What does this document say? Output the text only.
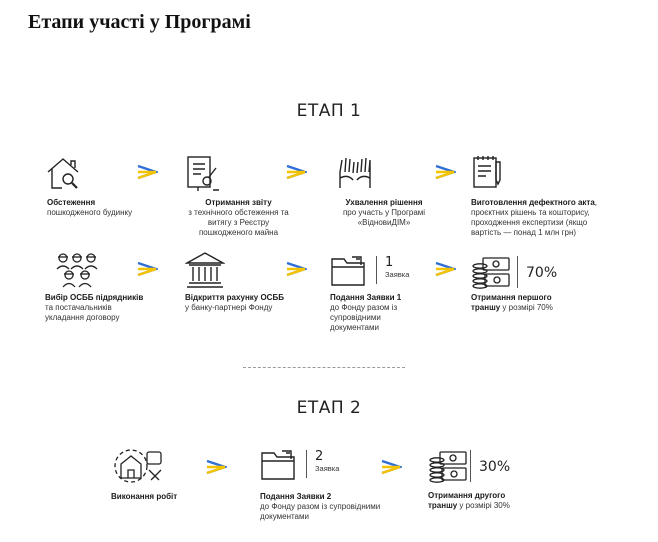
Етапи участі у Програмі
ЕТАП 1
Обстеження
пошкодженого будинку
Отримання звіту
з технічного обстеження та витягу з Реєстру пошкодженого майна
Ухвалення рішення
про участь у Програмі «ВідновиДІМ»
Виготовлення дефектного акта,
проєктних рішень та кошторису, проходження експертизи (якщо вартість — понад 1 млн грн)
Вибір ОСББ підрядників
та постачальників укладання договору
Відкриття рахунку ОСББ
у банку-партнері Фонду
1
Заявка
Подання Заявки 1
до Фонду разом із супровідними документами
70%
Отримання першого
траншу у розмірі 70%
ЕТАП 2
Виконання робіт
2
Заявка
Подання Заявки 2
до Фонду разом із супровідними документами
30%
Отримання другого
траншу у розмірі 30%
